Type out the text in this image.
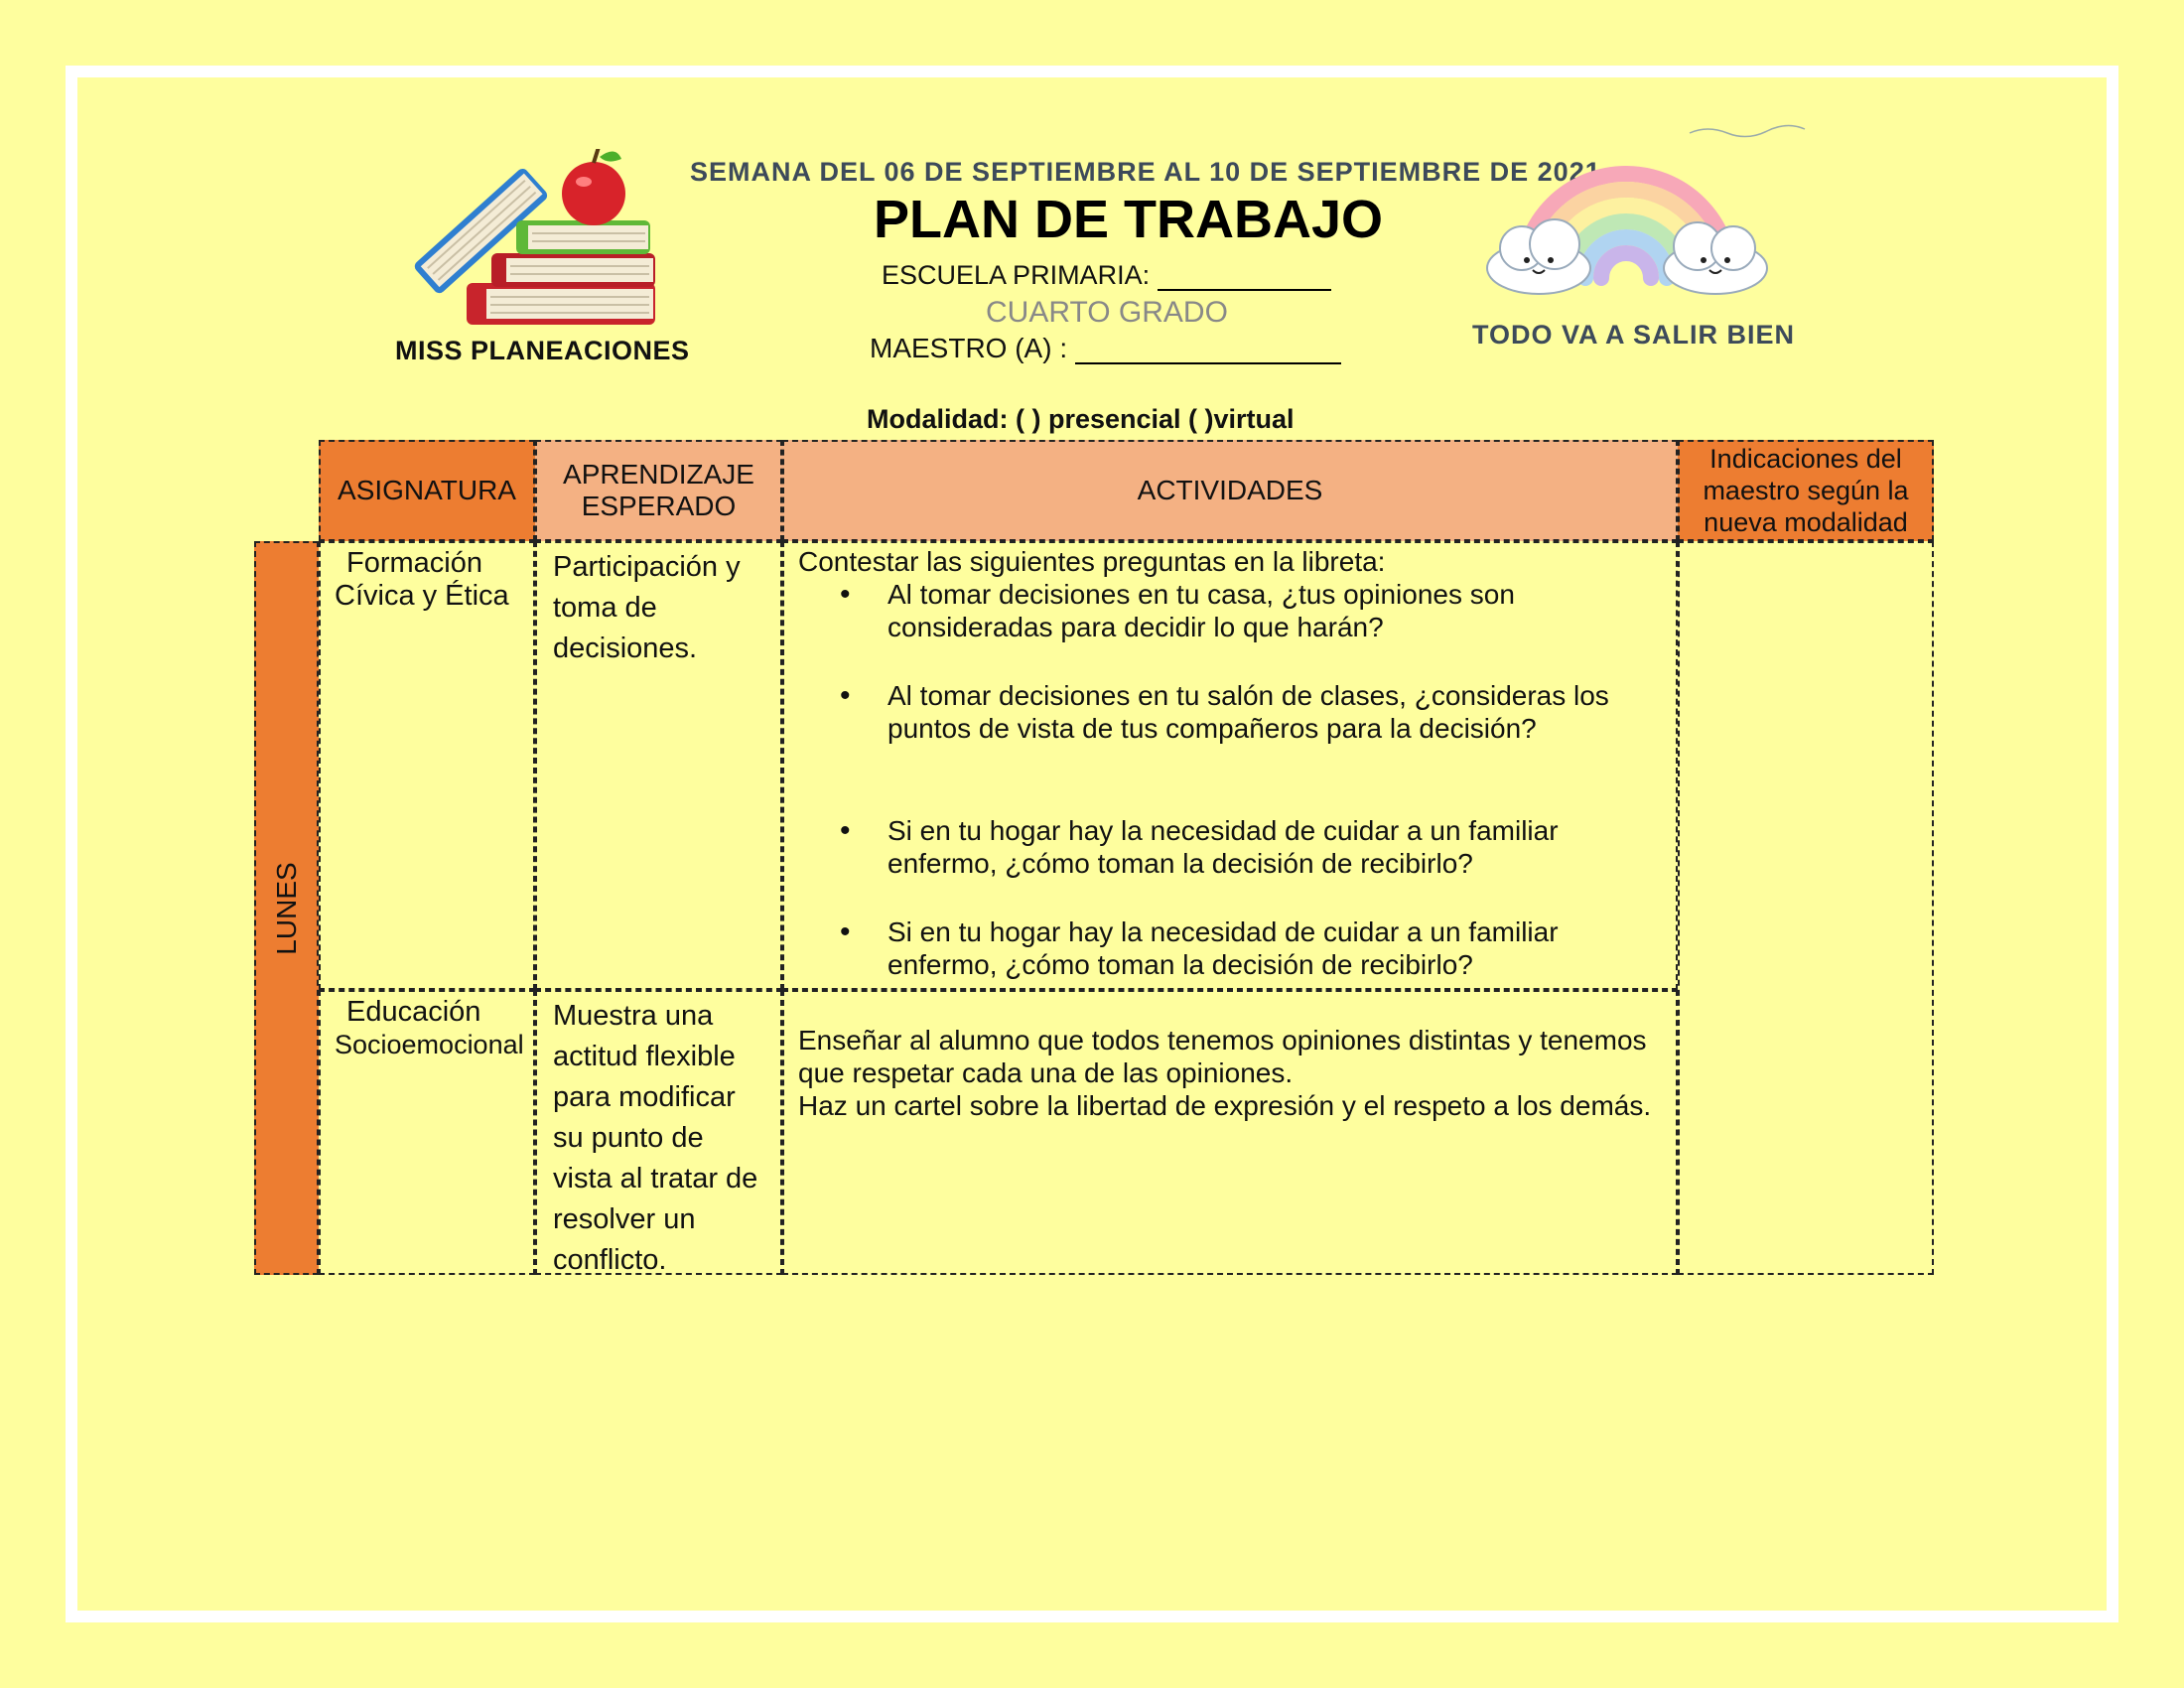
MISS PLANEACIONES
SEMANA DEL 06 DE SEPTIEMBRE AL 10 DE SEPTIEMBRE DE 2021
PLAN DE TRABAJO
ESCUELA PRIMARIA:
CUARTO GRADO
MAESTRO (A) :
Modalidad: ( ) presencial ( )virtual
TODO VA A SALIR BIEN
ASIGNATURA
APRENDIZAJE ESPERADO
ACTIVIDADES
Indicaciones del maestro según la nueva modalidad
LUNES
Formación
Cívica y Ética
Participación y toma de decisiones.
Contestar las siguientes preguntas en la libreta:
• Al tomar decisiones en tu casa, ¿tus opiniones son consideradas para decidir lo que harán?
• Al tomar decisiones en tu salón de clases, ¿consideras los puntos de vista de tus compañeros para la decisión?
• Si en tu hogar hay la necesidad de cuidar a un familiar enfermo, ¿cómo toman la decisión de recibirlo?
• Si en tu hogar hay la necesidad de cuidar a un familiar enfermo, ¿cómo toman la decisión de recibirlo?
Educación
Socioemocional
Muestra una actitud flexible para modificar su punto de vista al tratar de resolver un conflicto.
Enseñar al alumno que todos tenemos opiniones distintas y tenemos que respetar cada una de las opiniones.
Haz un cartel sobre la libertad de expresión y el respeto a los demás.
